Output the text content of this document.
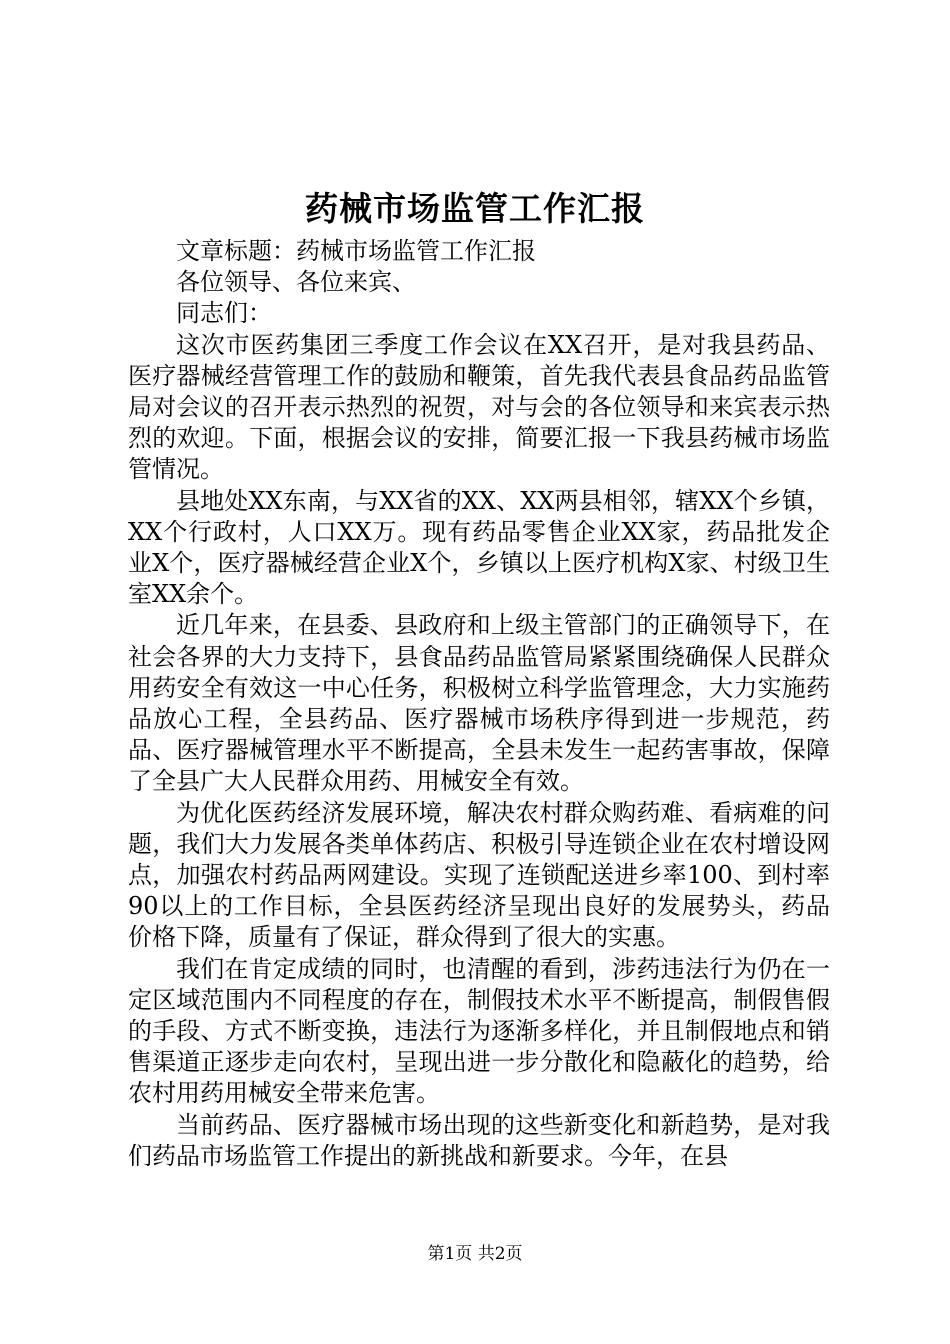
药械市场监管工作汇报

文章标题：药械市场监管工作汇报

各位领导、各位来宾、

同志们：

这次市医药集团三季度工作会议在XX召开，是对我县药品、医疗器械经营管理工作的鼓励和鞭策，首先我代表县食品药品监管局对会议的召开表示热烈的祝贺，对与会的各位领导和来宾表示热烈的欢迎。下面，根据会议的安排，简要汇报一下我县药械市场监管情况。

县地处XX东南，与XX省的XX、XX两县相邻，辖XX个乡镇，XX个行政村，人口XX万。现有药品零售企业XX家，药品批发企业X个，医疗器械经营企业X个，乡镇以上医疗机构X家、村级卫生室XX余个。

近几年来，在县委、县政府和上级主管部门的正确领导下，在社会各界的大力支持下，县食品药品监管局紧紧围绕确保人民群众用药安全有效这一中心任务，积极树立科学监管理念，大力实施药品放心工程，全县药品、医疗器械市场秩序得到进一步规范，药品、医疗器械管理水平不断提高，全县未发生一起药害事故，保障了全县广大人民群众用药、用械安全有效。

为优化医药经济发展环境，解决农村群众购药难、看病难的问题，我们大力发展各类单体药店、积极引导连锁企业在农村增设网点，加强农村药品两网建设。实现了连锁配送进乡率100、到村率90以上的工作目标，全县医药经济呈现出良好的发展势头，药品价格下降，质量有了保证，群众得到了很大的实惠。

我们在肯定成绩的同时，也清醒的看到，涉药违法行为仍在一定区域范围内不同程度的存在，制假技术水平不断提高，制假售假的手段、方式不断变换，违法行为逐渐多样化，并且制假地点和销售渠道正逐步走向农村，呈现出进一步分散化和隐蔽化的趋势，给农村用药用械安全带来危害。

当前药品、医疗器械市场出现的这些新变化和新趋势，是对我们药品市场监管工作提出的新挑战和新要求。今年，在县

第1页 共2页
